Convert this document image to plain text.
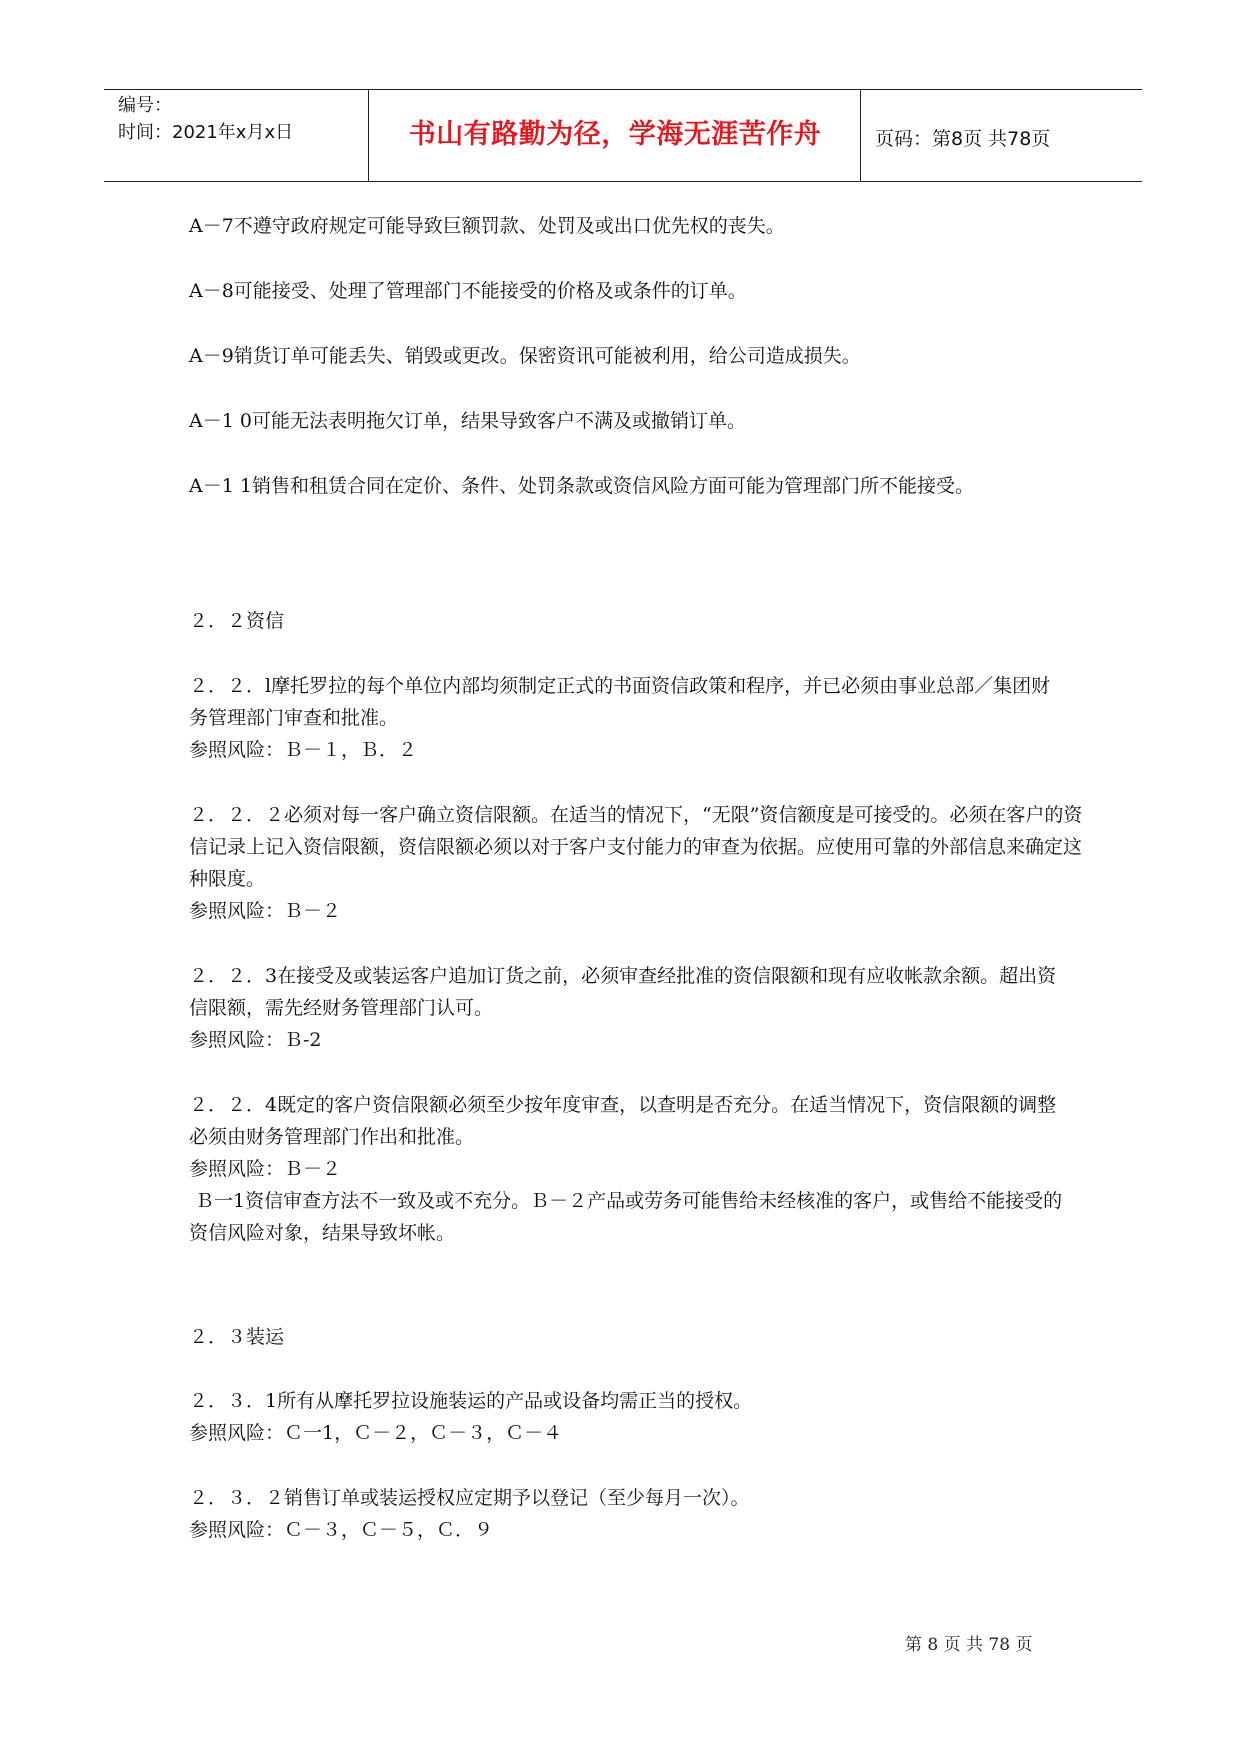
编号：
时间：2021年x月x日	书山有路勤为径，学海无涯苦作舟	页码：第8页 共78页

A－7不遵守政府规定可能导致巨额罚款、处罚及或出口优先权的丧失。

A－8可能接受、处理了管理部门不能接受的价格及或条件的订单。

A－9销货订单可能丢失、销毁或更改。保密资讯可能被利用，给公司造成损失。

A－1 0可能无法表明拖欠订单，结果导致客户不满及或撤销订单。

A－1 1销售和租赁合同在定价、条件、处罚条款或资信风险方面可能为管理部门所不能接受。

２．２资信

２．２．l摩托罗拉的每个单位内部均须制定正式的书面资信政策和程序，并已必须由事业总部／集团财务管理部门审查和批准。

参照风险：Ｂ－１，Ｂ．２

２．２．２必须对每一客户确立资信限额。在适当的情况下，“无限”资信额度是可接受的。必须在客户的资信记录上记入资信限额，资信限额必须以对于客户支付能力的审查为依据。应使用可靠的外部信息来确定这种限度。

参照风险：Ｂ－２

２．２．3在接受及或装运客户追加订货之前，必须审查经批准的资信限额和现有应收帐款余额。超出资信限额，需先经财务管理部门认可。

参照风险：Ｂ-2

２．２．4既定的客户资信限额必须至少按年度审查，以查明是否充分。在适当情况下，资信限额的调整必须由财务管理部门作出和批准。

参照风险：Ｂ－２

Ｂ一1资信审查方法不一致及或不充分。Ｂ－２产品或劳务可能售给未经核准的客户，或售给不能接受的资信风险对象，结果导致坏帐。

２．３装运

２．３．1所有从摩托罗拉设施装运的产品或设备均需正当的授权。

参照风险：Ｃ一1，Ｃ－２，Ｃ－３，Ｃ－４

２．３．２销售订单或装运授权应定期予以登记（至少每月一次）。

参照风险：Ｃ－３，Ｃ－５，Ｃ．９

第 8 页 共 78 页
